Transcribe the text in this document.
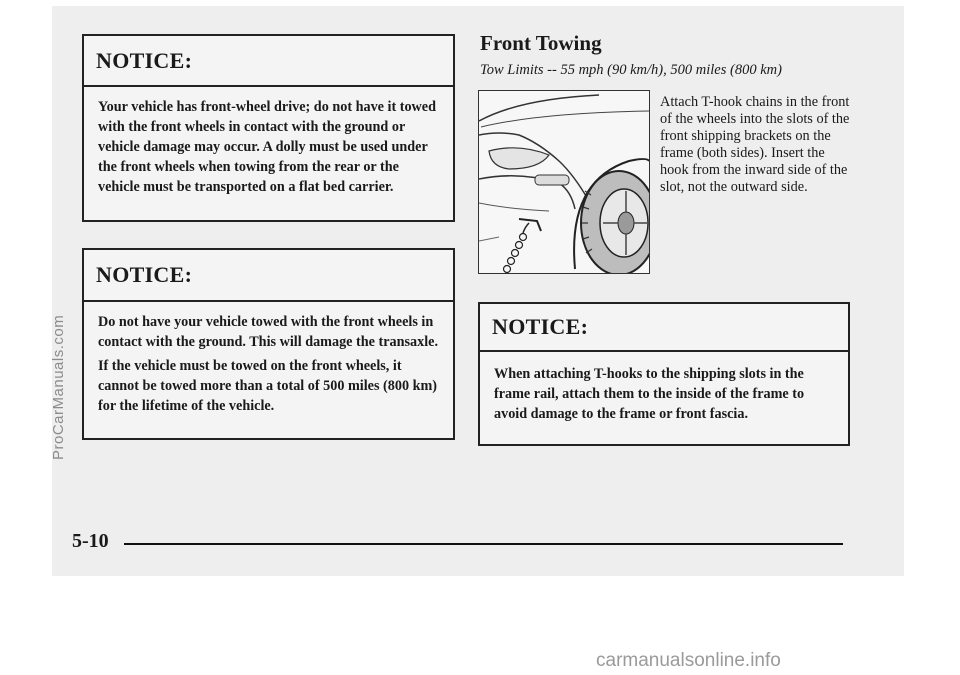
NOTICE:

Your vehicle has front-wheel drive; do not have it towed with the front wheels in contact with the ground or vehicle damage may occur. A dolly must be used under the front wheels when towing from the rear or the vehicle must be transported on a flat bed carrier.

NOTICE:

Do not have your vehicle towed with the front wheels in contact with the ground. This will damage the transaxle.

If the vehicle must be towed on the front wheels, it cannot be towed more than a total of 500 miles (800 km) for the lifetime of the vehicle.

Front Towing

Tow Limits -- 55 mph (90 km/h), 500 miles (800 km)

Attach T-hook chains in the front of the wheels into the slots of the front shipping brackets on the frame (both sides). Insert the hook from the inward side of the slot, not the outward side.

NOTICE:

When attaching T-hooks to the shipping slots in the frame rail, attach them to the inside of the frame to avoid damage to the frame or front fascia.

5-10

ProCarManuals.com
carmanualsonline.info
